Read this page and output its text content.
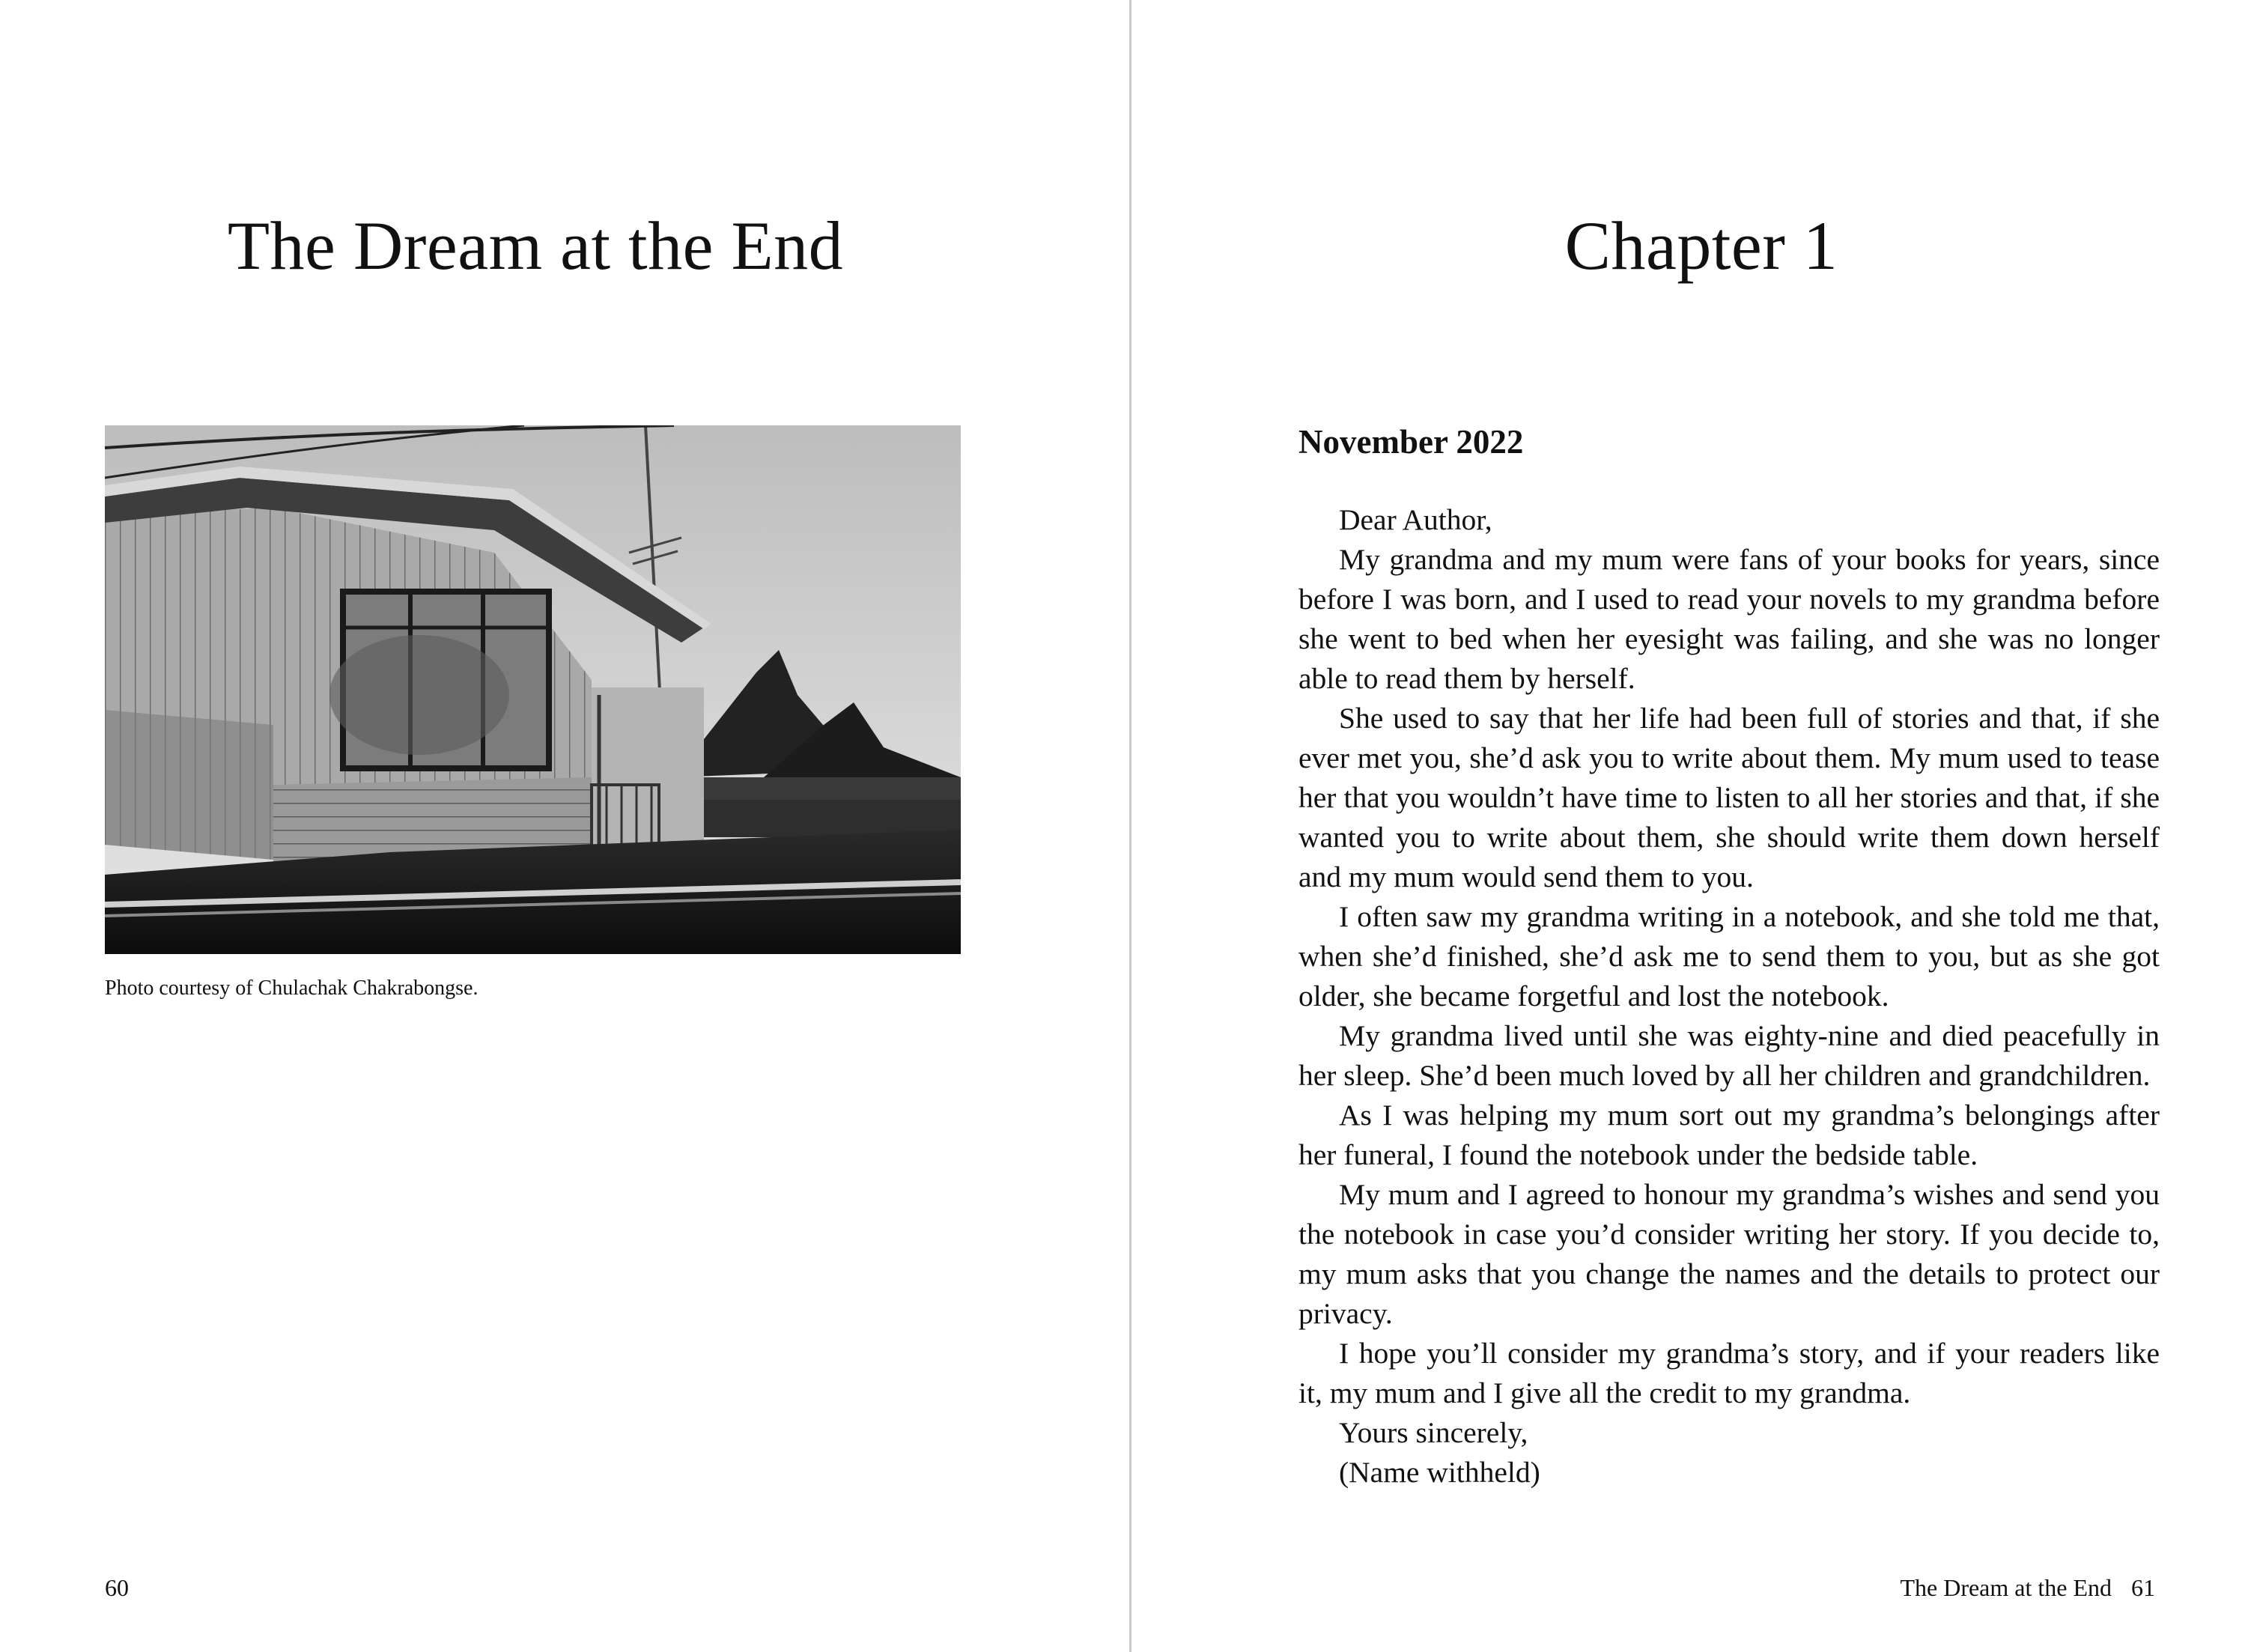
The Dream at the End

Photo courtesy of Chulachak Chakrabongse.

60

Chapter 1
November 2022

Dear Author,

My grandma and my mum were fans of your books for years, since before I was born, and I used to read your novels to my grandma before she went to bed when her eyesight was failing, and she was no longer able to read them by herself.

She used to say that her life had been full of stories and that, if she ever met you, she’d ask you to write about them. My mum used to tease her that you wouldn’t have time to listen to all her stories and that, if she wanted you to write about them, she should write them down herself and my mum would send them to you.

I often saw my grandma writing in a notebook, and she told me that, when she’d finished, she’d ask me to send them to you, but as she got older, she became forgetful and lost the notebook.

My grandma lived until she was eighty-nine and died peacefully in her sleep. She’d been much loved by all her children and grandchildren.

As I was helping my mum sort out my grandma’s belongings after her funeral, I found the notebook under the bedside table.

My mum and I agreed to honour my grandma’s wishes and send you the notebook in case you’d consider writing her story. If you decide to, my mum asks that you change the names and the details to protect our privacy.

I hope you’ll consider my grandma’s story, and if your readers like it, my mum and I give all the credit to my grandma.

Yours sincerely,

(Name withheld)

The Dream at the End 61
